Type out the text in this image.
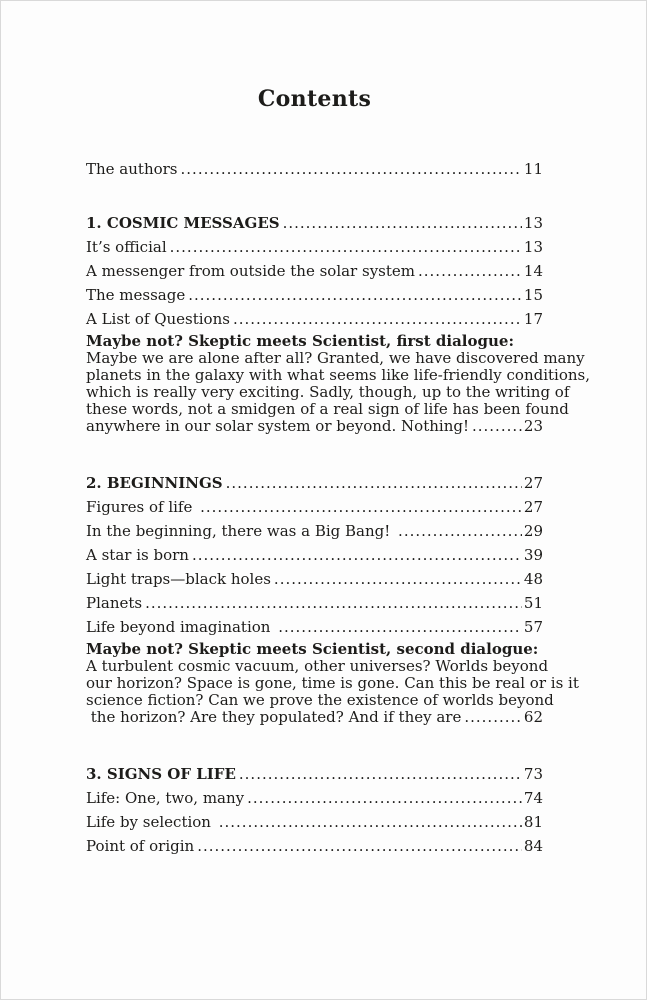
Contents
The authors .....	11
1. COSMIC MESSAGES .....	13
It’s official .....	13
A messenger from outside the solar system .....	14
The message .....	15
A List of Questions .....	17
Maybe not? Skeptic meets Scientist, first dialogue:
Maybe we are alone after all? Granted, we have discovered many
planets in the galaxy with what seems like life-friendly conditions,
which is really very exciting. Sadly, though, up to the writing of
these words, not a smidgen of a real sign of life has been found
anywhere in our solar system or beyond. Nothing! .....	23
2. BEGINNINGS .....	27
Figures of life .....	27
In the beginning, there was a Big Bang! .....	29
A star is born .....	39
Light traps—black holes .....	48
Planets .....	51
Life beyond imagination .....	57
Maybe not? Skeptic meets Scientist, second dialogue:
A turbulent cosmic vacuum, other universes? Worlds beyond
our horizon? Space is gone, time is gone. Can this be real or is it
science fiction? Can we prove the existence of worlds beyond
the horizon? Are they populated? And if they are .....	62
3. SIGNS OF LIFE .....	73
Life: One, two, many .....	74
Life by selection .....	81
Point of origin .....	84
